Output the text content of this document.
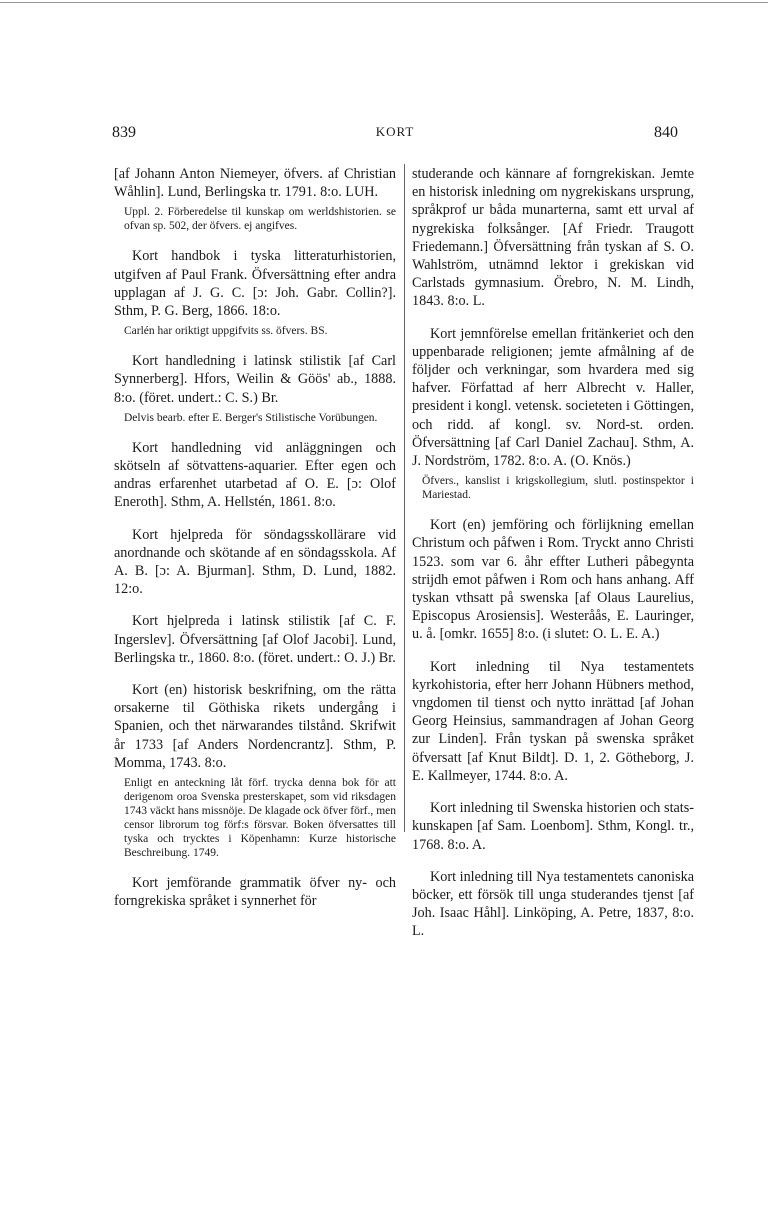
839	KORT	840

[af Johann Anton Niemeyer, öfvers. af Christian Wåhlin]. Lund, Berlingska tr. 1791. 8:o. LUH.

Uppl. 2. Förberedelse til kunskap om werldshistorien. se ofvan sp. 502, der öfvers. ej angifves.

Kort handbok i tyska litteraturhistorien, utgifven af Paul Frank. Öfversättning efter andra upplagan af J. G. C. [ɔ: Joh. Gabr. Collin?]. Sthm, P. G. Berg, 1866. 18:o.

Carlén har oriktigt uppgifvits ss. öfvers. BS.

Kort handledning i latinsk stilistik [af Carl Synnerberg]. Hfors, Weilin & Göös' ab., 1888. 8:o. (föret. undert.: C. S.) Br.

Delvis bearb. efter E. Berger's Stilistische Vorübungen.

Kort handledning vid anläggningen och skötseln af sötvattens-aquarier. Efter egen och andras erfarenhet utarbetad af O. E. [ɔ: Olof Eneroth]. Sthm, A. Hellstén, 1861. 8:o.

Kort hjelpreda för söndagsskollärare vid anordnande och skötande af en söndagsskola. Af A. B. [ɔ: A. Bjurman]. Sthm, D. Lund, 1882. 12:o.

Kort hjelpreda i latinsk stilistik [af C. F. Ingerslev]. Öfversättning [af Olof Jacobi]. Lund, Berlingska tr., 1860. 8:o. (föret. undert.: O. J.) Br.

Kort (en) historisk beskrifning, om the rätta orsakerne til Göthiska rikets undergång i Spanien, och thet närwarandes tilstånd. Skrifwit år 1733 [af Anders Nordencrantz]. Sthm, P. Momma, 1743. 8:o.

Enligt en anteckning låt förf. trycka denna bok för att derigenom oroa Svenska presterskapet, som vid riksdagen 1743 väckt hans missnöje. De klagade ock öfver förf., men censor librorum tog förf:s försvar. Boken öfversattes till tyska och trycktes i Köpenhamn: Kurze historische Beschreibung. 1749.

Kort jemförande grammatik öfver ny- och forngrekiska språket i synnerhet för

studerande och kännare af forngrekiskan. Jemte en historisk inledning om nygrekiskans ursprung, språkprof ur båda munarterna, samt ett urval af nygrekiska folksånger. [Af Friedr. Traugott Friedemann.] Öfversättning från tyskan af S. O. Wahlström, utnämnd lektor i grekiskan vid Carlstads gymnasium. Örebro, N. M. Lindh, 1843. 8:o. L.

Kort jemnförelse emellan fritänkeriet och den uppenbarade religionen; jemte afmålning af de följder och verkningar, som hvardera med sig hafver. Författad af herr Albrecht v. Haller, president i kongl. vetensk. societeten i Göttingen, och ridd. af kongl. sv. Nord-st. orden. Öfversättning [af Carl Daniel Zachau]. Sthm, A. J. Nordström, 1782. 8:o. A. (O. Knös.)

Öfvers., kanslist i krigskollegium, slutl. postinspektor i Mariestad.

Kort (en) jemföring och förlijkning emellan Christum och påfwen i Rom. Tryckt anno Christi 1523. som var 6. åhr effter Lutheri påbegynta strijdh emot påfwen i Rom och hans anhang. Aff tyskan vthsatt på swenska [af Olaus Laurelius, Episcopus Arosiensis]. Westeråås, E. Lauringer, u. å. [omkr. 1655] 8:o. (i slutet: O. L. E. A.)

Kort inledning til Nya testamentets kyrkohistoria, efter herr Johann Hübners method, vngdomen til tienst och nytto inrättad [af Johan Georg Heinsius, sammandragen af Johan Georg zur Linden]. Från tyskan på swenska språket öfversatt [af Knut Bildt]. D. 1, 2. Götheborg, J. E. Kallmeyer, 1744. 8:o. A.

Kort inledning til Swenska historien och stats-kunskapen [af Sam. Loenbom]. Sthm, Kongl. tr., 1768. 8:o. A.

Kort inledning till Nya testamentets canoniska böcker, ett försök till unga studerandes tjenst [af Joh. Isaac Håhl]. Linköping, A. Petre, 1837, 8:o. L.
